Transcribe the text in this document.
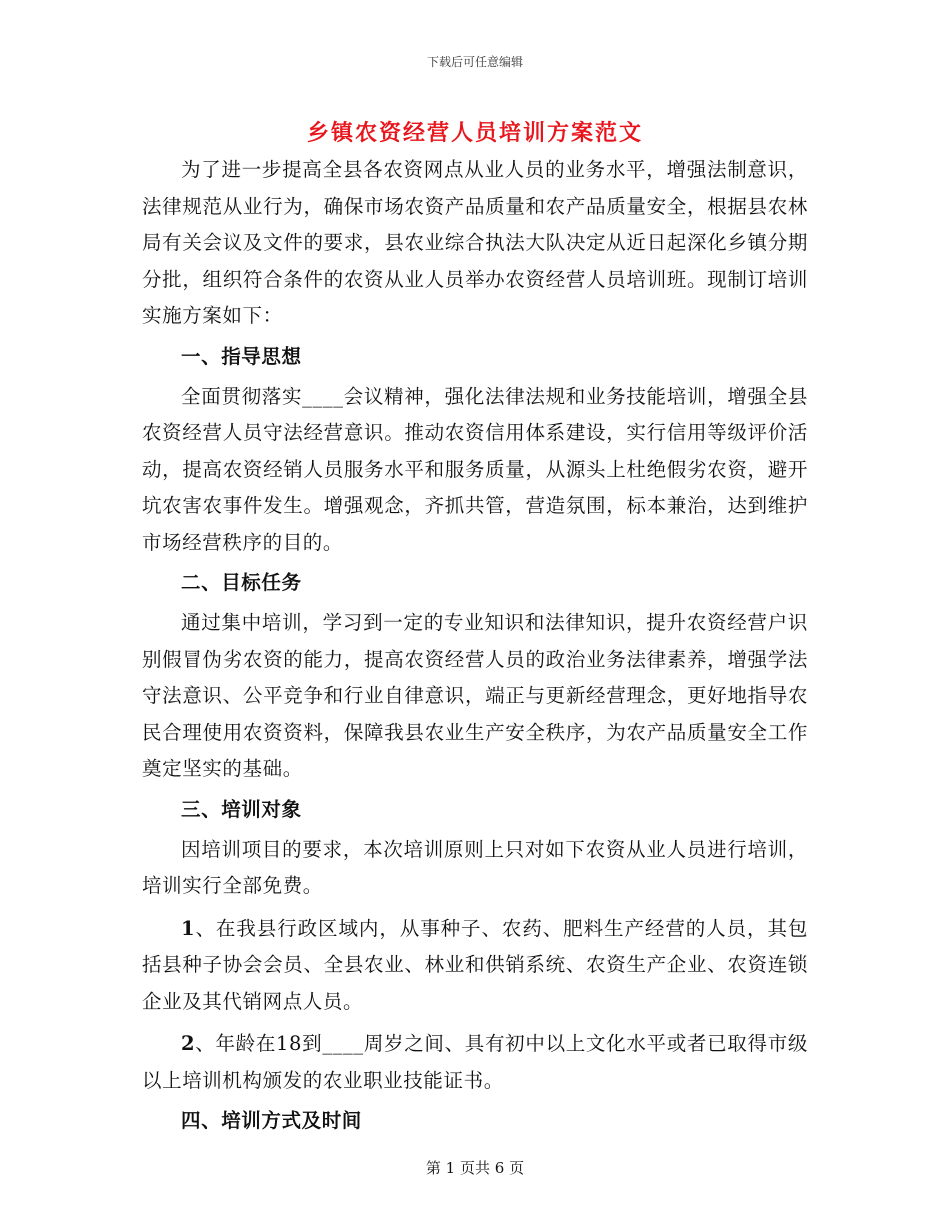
下载后可任意编辑
乡镇农资经营人员培训方案范文

为了进一步提高全县各农资网点从业人员的业务水平，增强法制意识，法律规范从业行为，确保市场农资产品质量和农产品质量安全，根据县农林局有关会议及文件的要求，县农业综合执法大队决定从近日起深化乡镇分期分批，组织符合条件的农资从业人员举办农资经营人员培训班。现制订培训实施方案如下：

一、指导思想

全面贯彻落实____会议精神，强化法律法规和业务技能培训，增强全县农资经营人员守法经营意识。推动农资信用体系建设，实行信用等级评价活动，提高农资经销人员服务水平和服务质量，从源头上杜绝假劣农资，避开坑农害农事件发生。增强观念，齐抓共管，营造氛围，标本兼治，达到维护市场经营秩序的目的。

二、目标任务

通过集中培训，学习到一定的专业知识和法律知识，提升农资经营户识别假冒伪劣农资的能力，提高农资经营人员的政治业务法律素养，增强学法守法意识、公平竞争和行业自律意识，端正与更新经营理念，更好地指导农民合理使用农资资料，保障我县农业生产安全秩序，为农产品质量安全工作奠定坚实的基础。

三、培训对象

因培训项目的要求，本次培训原则上只对如下农资从业人员进行培训，培训实行全部免费。

1、在我县行政区域内，从事种子、农药、肥料生产经营的人员，其包括县种子协会会员、全县农业、林业和供销系统、农资生产企业、农资连锁企业及其代销网点人员。

2、年龄在18到____周岁之间、具有初中以上文化水平或者已取得市级以上培训机构颁发的农业职业技能证书。

四、培训方式及时间

第 1 页共 6 页
